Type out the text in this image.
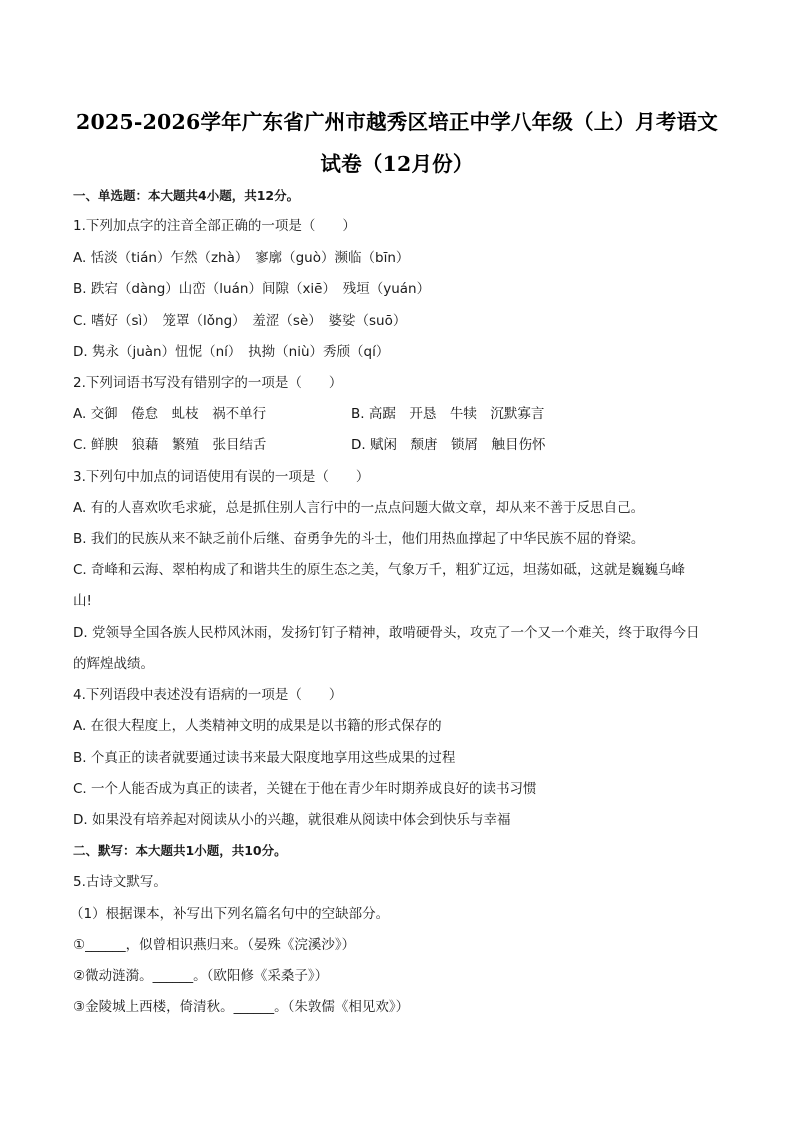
2025-2026学年广东省广州市越秀区培正中学八年级（上）月考语文
试卷（12月份）
一、单选题：本大题共4小题，共12分。
1.下列加点字的注音全部正确的一项是（　　）
A. 恬淡（tián）乍然（zhà）　寥廓（guò）濒临（bīn）
B. 跌宕（dàng）山峦（luán）间隙（xiē）　残垣（yuán）
C. 嗜好（sì）　笼罩（lǒng）　羞涩（sè）　婆娑（suō）
D. 隽永（juàn）忸怩（ní）　执拗（niù）秀颀（qí）
2.下列词语书写没有错别字的一项是（　　）
A. 交御　倦怠　虬枝　祸不单行	B. 高踞　开恳　牛犊　沉默寡言
C. 鲜腴　狼藉　繁殖　张目结舌	D. 赋闲　颓唐　锁屑　触目伤怀
3.下列句中加点的词语使用有误的一项是（　　）
A. 有的人喜欢吹毛求疵，总是抓住别人言行中的一点点问题大做文章，却从来不善于反思自己。
B. 我们的民族从来不缺乏前仆后继、奋勇争先的斗士，他们用热血撑起了中华民族不屈的脊梁。
C. 奇峰和云海、翠柏构成了和谐共生的原生态之美，气象万千，粗犷辽远，坦荡如砥，这就是巍巍乌峰
山!
D. 党领导全国各族人民栉风沐雨，发扬钉钉子精神，敢啃硬骨头，攻克了一个又一个难关，终于取得今日
的辉煌战绩。
4.下列语段中表述没有语病的一项是（　　）
A. 在很大程度上，人类精神文明的成果是以书籍的形式保存的
B. 个真正的读者就要通过读书来最大限度地享用这些成果的过程
C. 一个人能否成为真正的读者，关键在于他在青少年时期养成良好的读书习惯
D. 如果没有培养起对阅读从小的兴趣，就很难从阅读中体会到快乐与幸福
二、默写：本大题共1小题，共10分。
5.古诗文默写。
（1）根据课本，补写出下列名篇名句中的空缺部分。
①______，似曾相识燕归来。（晏殊《浣溪沙》）
②微动涟漪。______。（欧阳修《采桑子》）
③金陵城上西楼，倚清秋。______。（朱敦儒《相见欢》）
